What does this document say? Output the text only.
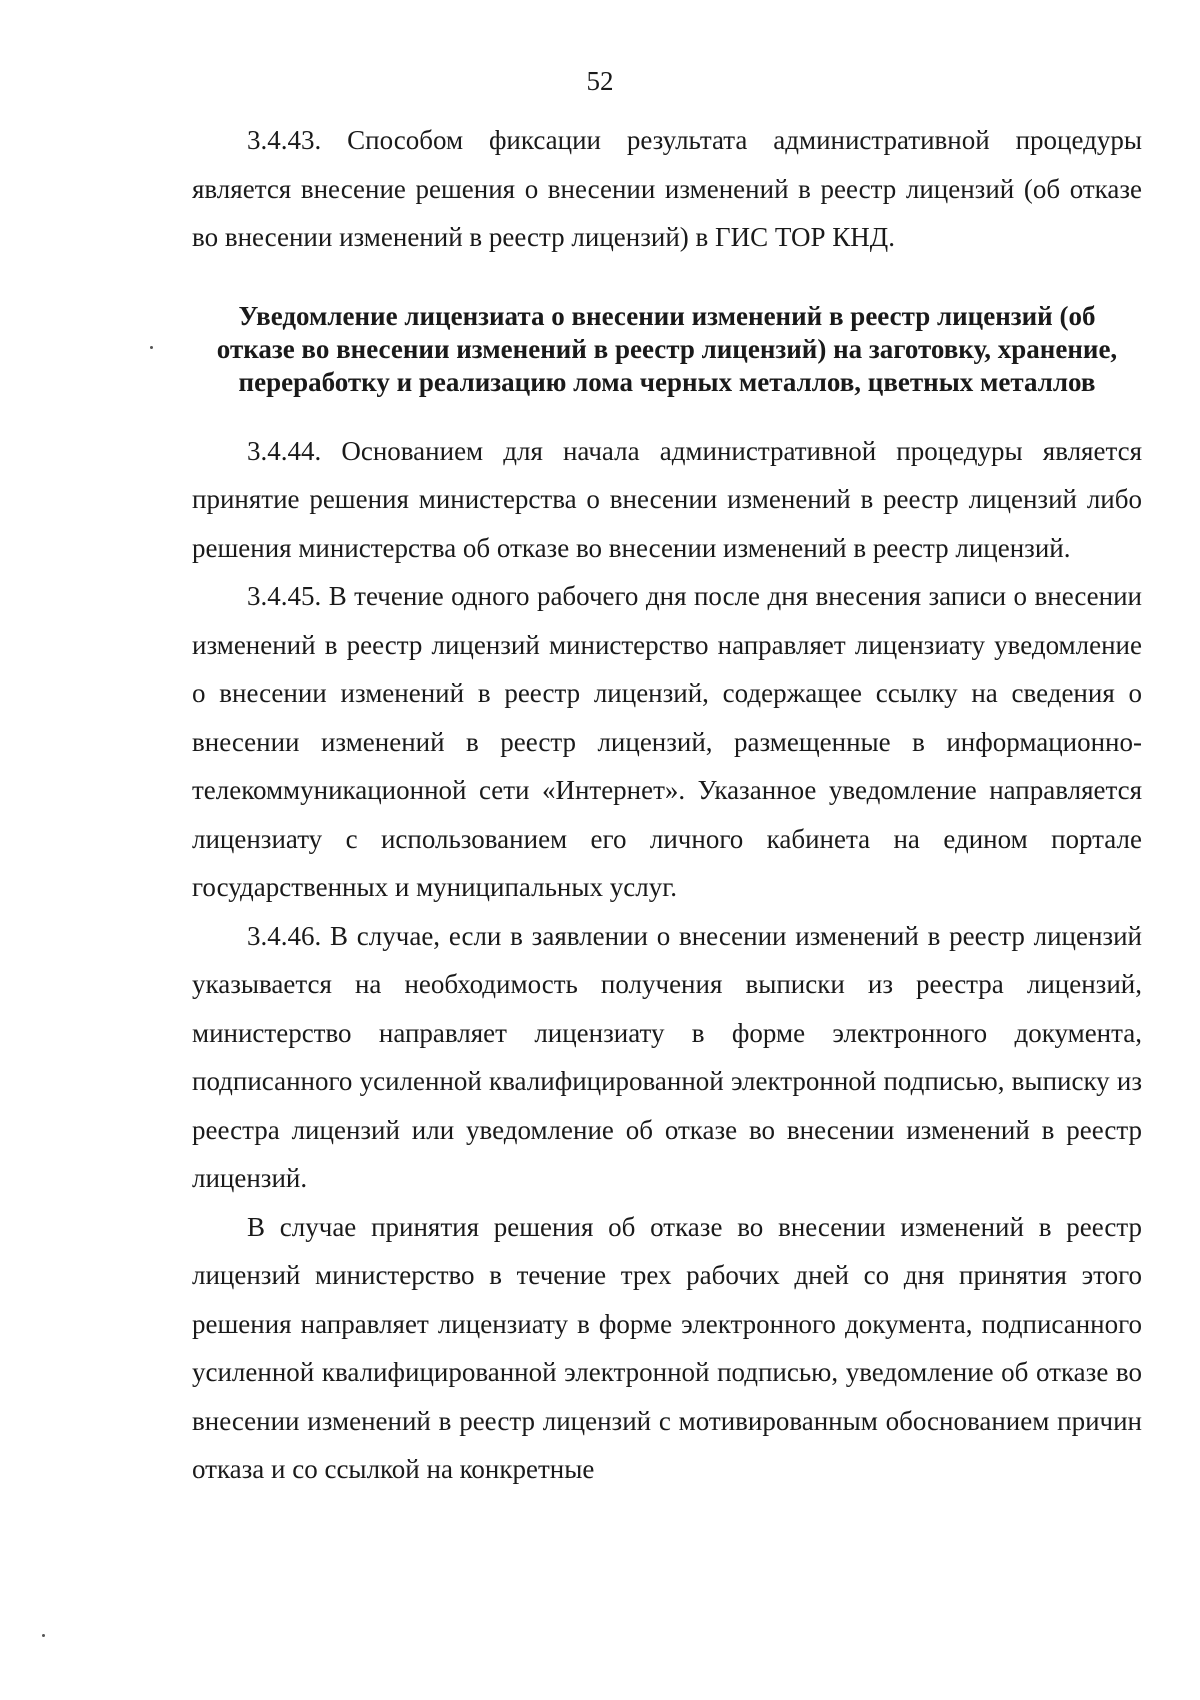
52

3.4.43. Способом фиксации результата административной процедуры является внесение решения о внесении изменений в реестр лицензий (об отказе во внесении изменений в реестр лицензий) в ГИС ТОР КНД.

Уведомление лицензиата о внесении изменений в реестр лицензий (об отказе во внесении изменений в реестр лицензий) на заготовку, хранение, переработку и реализацию лома черных металлов, цветных металлов

3.4.44. Основанием для начала административной процедуры является принятие решения министерства о внесении изменений в реестр лицензий либо решения министерства об отказе во внесении изменений в реестр лицензий.

3.4.45. В течение одного рабочего дня после дня внесения записи о внесении изменений в реестр лицензий министерство направляет лицензиату уведомление о внесении изменений в реестр лицензий, содержащее ссылку на сведения о внесении изменений в реестр лицензий, размещенные в информационно-телекоммуникационной сети «Интернет». Указанное уведомление направляется лицензиату с использованием его личного кабинета на едином портале государственных и муниципальных услуг.

3.4.46. В случае, если в заявлении о внесении изменений в реестр лицензий указывается на необходимость получения выписки из реестра лицензий, министерство направляет лицензиату в форме электронного документа, подписанного усиленной квалифицированной электронной подписью, выписку из реестра лицензий или уведомление об отказе во внесении изменений в реестр лицензий.

В случае принятия решения об отказе во внесении изменений в реестр лицензий министерство в течение трех рабочих дней со дня принятия этого решения направляет лицензиату в форме электронного документа, подписанного усиленной квалифицированной электронной подписью, уведомление об отказе во внесении изменений в реестр лицензий с мотивированным обоснованием причин отказа и со ссылкой на конкретные
